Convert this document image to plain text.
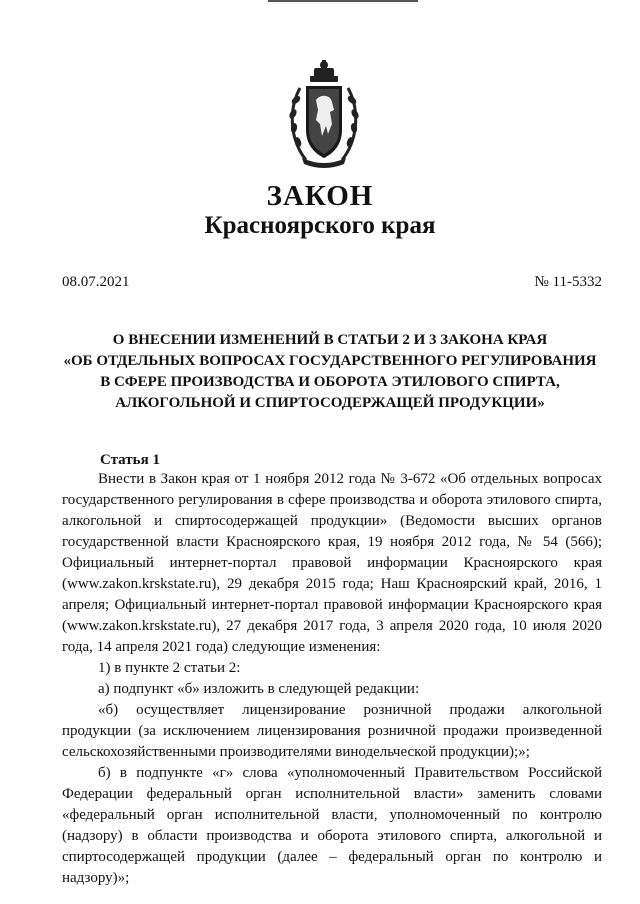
ЗАКОН
Красноярского края
08.07.2021	№ 11-5332
О ВНЕСЕНИИ ИЗМЕНЕНИЙ В СТАТЬИ 2 И 3 ЗАКОНА КРАЯ
«ОБ ОТДЕЛЬНЫХ ВОПРОСАХ ГОСУДАРСТВЕННОГО РЕГУЛИРОВАНИЯ
В СФЕРЕ ПРОИЗВОДСТВА И ОБОРОТА ЭТИЛОВОГО СПИРТА,
АЛКОГОЛЬНОЙ И СПИРТОСОДЕРЖАЩЕЙ ПРОДУКЦИИ»
Статья 1

Внести в Закон края от 1 ноября 2012 года № 3-672 «Об отдельных вопросах государственного регулирования в сфере производства и оборота этилового спирта, алкогольной и спиртосодержащей продукции» (Ведомости высших органов государственной власти Красноярского края, 19 ноября 2012 года, № 54 (566); Официальный интернет-портал правовой информации Красноярского края (www.zakon.krskstate.ru), 29 декабря 2015 года; Наш Красноярский край, 2016, 1 апреля; Официальный интернет-портал правовой информации Красноярского края (www.zakon.krskstate.ru), 27 декабря 2017 года, 3 апреля 2020 года, 10 июля 2020 года, 14 апреля 2021 года) следующие изменения:

1) в пункте 2 статьи 2:

а) подпункт «б» изложить в следующей редакции:

«б) осуществляет лицензирование розничной продажи алкогольной продукции (за исключением лицензирования розничной продажи произведенной сельскохозяйственными производителями винодельческой продукции);»;

б) в подпункте «г» слова «уполномоченный Правительством Российской Федерации федеральный орган исполнительной власти» заменить словами «федеральный орган исполнительной власти, уполномоченный по контролю (надзору) в области производства и оборота этилового спирта, алкогольной и спиртосодержащей продукции (далее – федеральный орган по контролю и надзору)»;
